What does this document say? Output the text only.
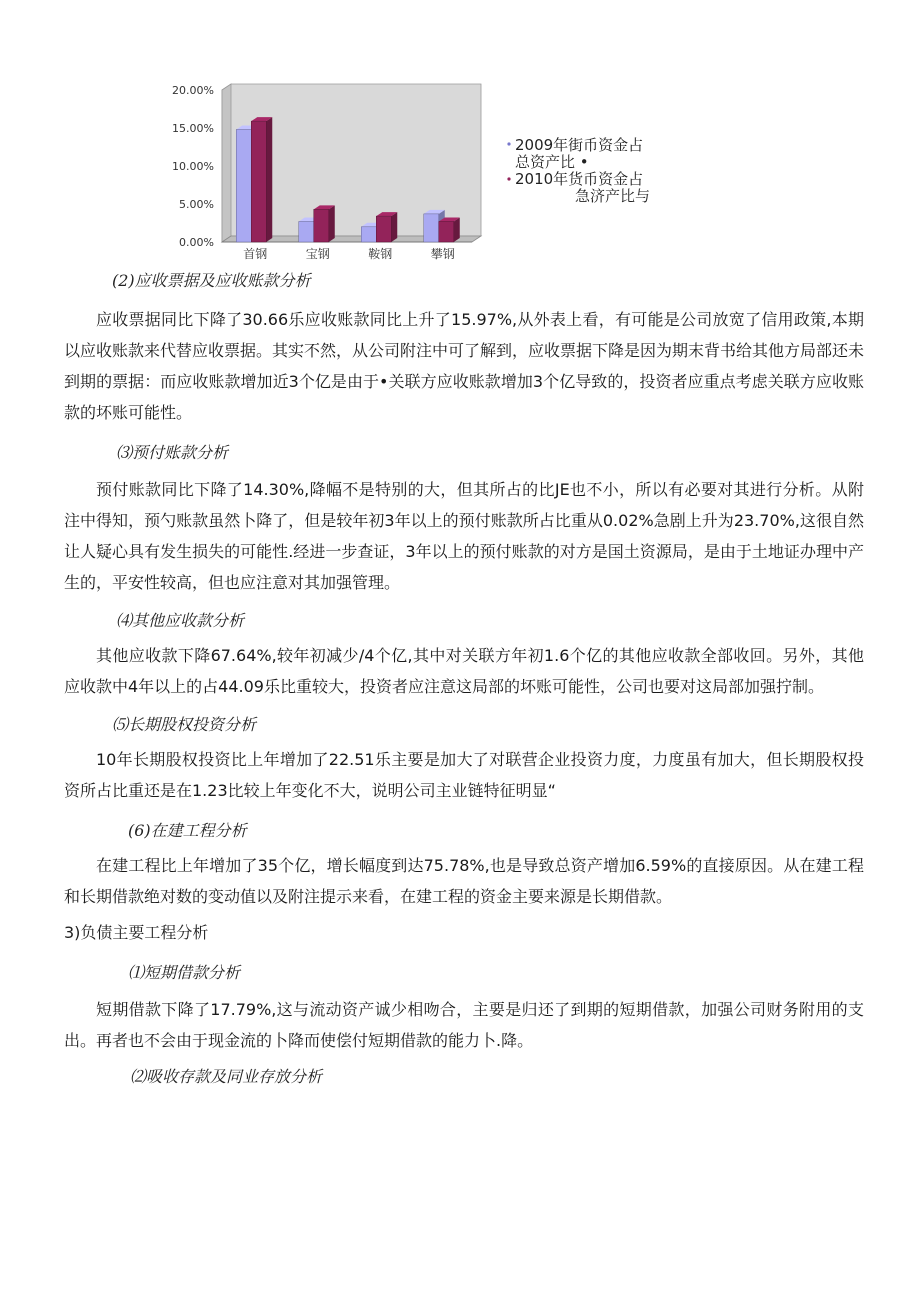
20.00%
15.00%
10.00%
5.00%
0.00%
首钢	宝钢	鞍钢	攀钢
2009年街币资金占
总资产比 •
2010年货币资金占
急济产比与

(2)应收票据及应收账款分析

应收票据同比下降了30.66乐应收账款同比上升了15.97%,从外表上看，有可能是公司放宽了信用政策,本期以应收账款来代替应收票据。其实不然，从公司附注中可了解到，应收票据下降是因为期末背书给其他方局部还未到期的票据：而应收账款增加近3个亿是由于•关联方应收账款增加3个亿导致的，投资者应重点考虑关联方应收账款的坏账可能性。

⑶预付账款分析

预付账款同比下降了14.30%,降幅不是特别的大，但其所占的比JE也不小，所以有必要对其进行分析。从附注中得知，预勺账款虽然卜降了，但是较年初3年以上的预付账款所占比重从0.02%急剧上升为23.70%,这很自然让人疑心具有发生损失的可能性.经进一步查证，3年以上的预付账款的对方是国土资源局，是由于土地证办理中产生的，平安性较高，但也应注意对其加强管理。

⑷其他应收款分析

其他应收款下降67.64%,较年初减少/4个亿,其中对关联方年初1.6个亿的其他应收款全部收回。另外，其他应收款中4年以上的占44.09乐比重较大，投资者应注意这局部的坏账可能性，公司也要对这局部加强拧制。

⑸长期股权投资分析

10年长期股权投资比上年增加了22.51乐主要是加大了对联营企业投资力度，力度虽有加大，但长期股权投资所占比重还是在1.23比较上年变化不大，说明公司主业链特征明显“

(6)在建工程分析

在建工程比上年增加了35个亿，增长幅度到达75.78%,也是导致总资产增加6.59%的直接原因。从在建工程和长期借款绝对数的变动值以及附注提示来看，在建工程的资金主要来源是长期借款。

3)负债主要工程分析

⑴短期借款分析

短期借款下降了17.79%,这与流动资产诚少相吻合，主要是归还了到期的短期借款，加强公司财务附用的支出。再者也不会由于现金流的卜降而使偿付短期借款的能力卜.降。

⑵吸收存款及同业存放分析
